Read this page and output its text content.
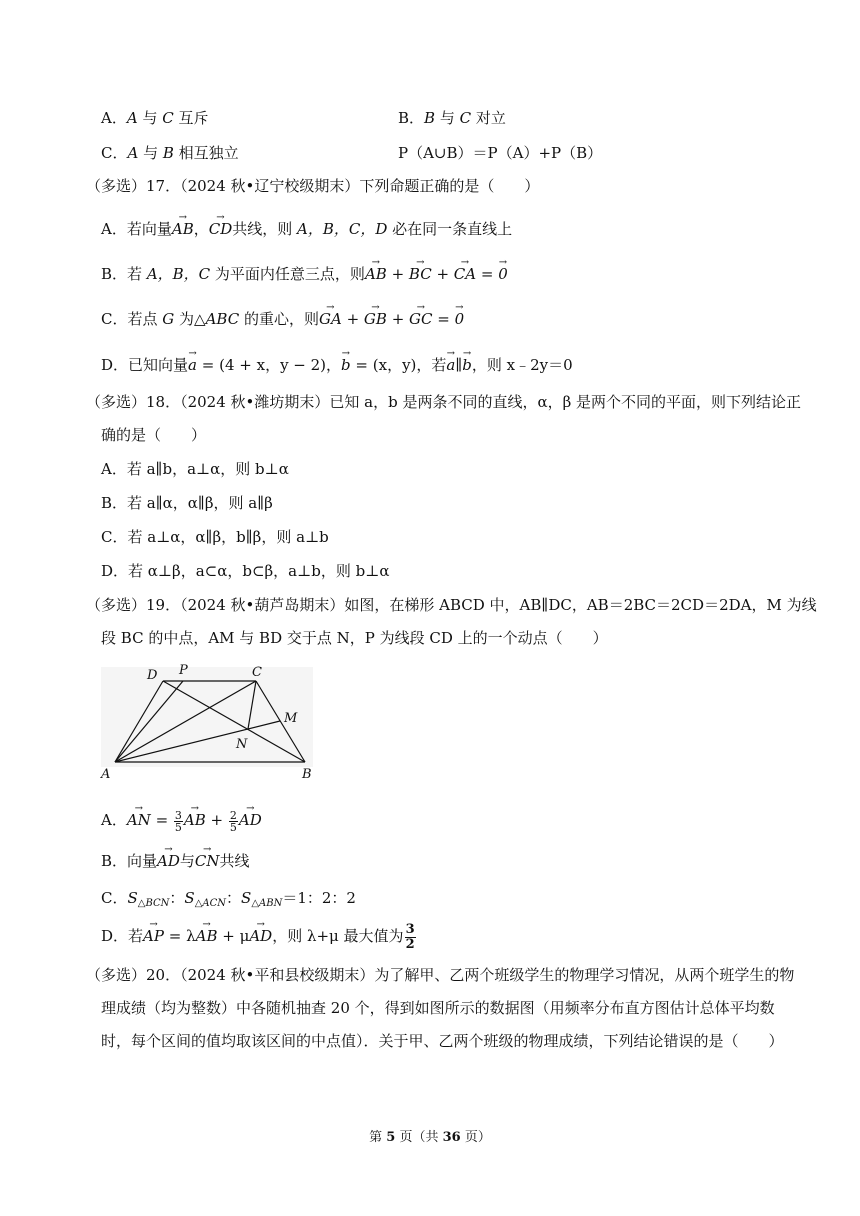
A．A 与 C 互斥	B．B 与 C 对立
C．A 与 B 相互独立	P（A∪B）＝P（A）+P（B）
（多选）17．（2024 秋•辽宁校级期末）下列命题正确的是（　　）
A．若向量→ AB，→ CD共线，则 A，B，C，D 必在同一条直线上
B．若 A，B，C 为平面内任意三点，则→ AB + → BC + → CA = → 0
C．若点 G 为△ABC 的重心，则→ GA + → GB + → GC = → 0
D．已知向量→ a = (4 + x，y − 2)，→ b = (x，y)，若→ a∥→ b，则 x﹣2y＝0
（多选）18．（2024 秋•潍坊期末）已知 a，b 是两条不同的直线，α，β 是两个不同的平面，则下列结论正
确的是（　　）
A．若 a∥b，a⊥α，则 b⊥α
B．若 a∥α，α∥β，则 a∥β
C．若 a⊥α，α∥β，b∥β，则 a⊥b
D．若 α⊥β，a⊂α，b⊂β，a⊥b，则 b⊥α
（多选）19．（2024 秋•葫芦岛期末）如图，在梯形 ABCD 中，AB∥DC，AB＝2BC＝2CD＝2DA，M 为线
段 BC 的中点，AM 与 BD 交于点 N，P 为线段 CD 上的一个动点（　　）
D P	C
M
N
A	B
A．→ AN = $\frac{3}{5}$ → AB + $\frac{2}{5}$ → AD
B．向量→ AD与→ CN共线
C．$S_{\triangle BCN}$：$S_{\triangle ACN}$：$S_{\triangle ABN}=1$：2：2
D．若→ AP = λ→ AB + μ→ AD，则 λ+μ 最大值为 $\frac{3}{2}$
（多选）20．（2024 秋•平和县校级期末）为了解甲、乙两个班级学生的物理学习情况，从两个班学生的物
理成绩（均为整数）中各随机抽查 20 个，得到如图所示的数据图（用频率分布直方图估计总体平均数
时，每个区间的值均取该区间的中点值）．关于甲、乙两个班级的物理成绩，下列结论错误的是（　　）
第 5 页（共 36 页）
